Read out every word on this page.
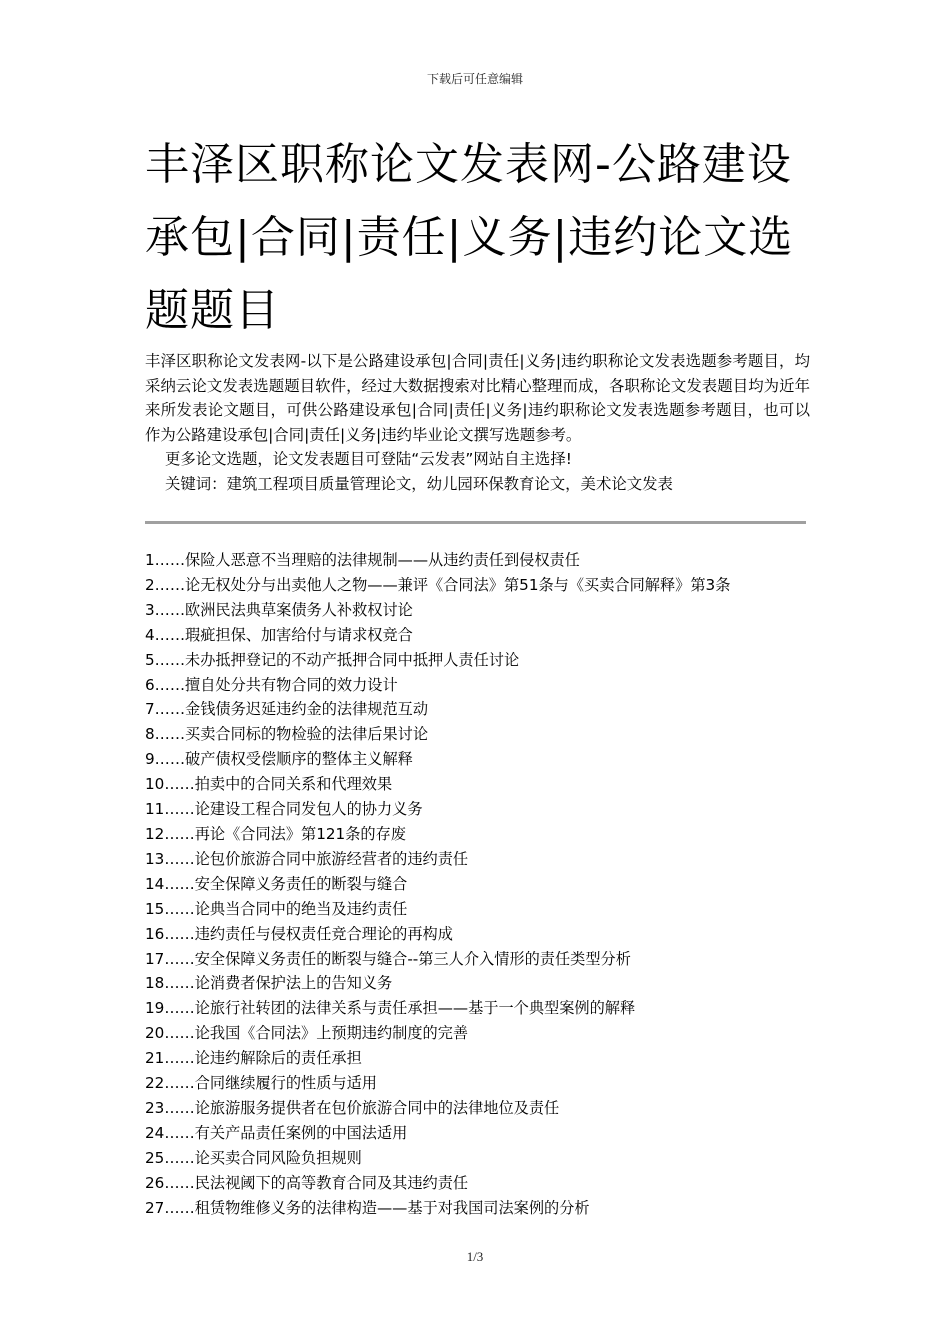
下载后可任意编辑
丰泽区职称论文发表网-公路建设承包|合同|责任|义务|违约论文选题题目

丰泽区职称论文发表网-以下是公路建设承包|合同|责任|义务|违约职称论文发表选题参考题目，均采纳云论文发表选题题目软件，经过大数据搜索对比精心整理而成，各职称论文发表题目均为近年来所发表论文题目，可供公路建设承包|合同|责任|义务|违约职称论文发表选题参考题目，也可以作为公路建设承包|合同|责任|义务|违约毕业论文撰写选题参考。

更多论文选题，论文发表题目可登陆“云发表”网站自主选择!

关键词：建筑工程项目质量管理论文，幼儿园环保教育论文，美术论文发表

1……保险人恶意不当理赔的法律规制——从违约责任到侵权责任
2……论无权处分与出卖他人之物——兼评《合同法》第51条与《买卖合同解释》第3条
3……欧洲民法典草案债务人补救权讨论
4……瑕疵担保、加害给付与请求权竞合
5……未办抵押登记的不动产抵押合同中抵押人责任讨论
6……擅自处分共有物合同的效力设计
7……金钱债务迟延违约金的法律规范互动
8……买卖合同标的物检验的法律后果讨论
9……破产债权受偿顺序的整体主义解释
10……拍卖中的合同关系和代理效果
11……论建设工程合同发包人的协力义务
12……再论《合同法》第121条的存废
13……论包价旅游合同中旅游经营者的违约责任
14……安全保障义务责任的断裂与缝合
15……论典当合同中的绝当及违约责任
16……违约责任与侵权责任竞合理论的再构成
17……安全保障义务责任的断裂与缝合--第三人介入情形的责任类型分析
18……论消费者保护法上的告知义务
19……论旅行社转团的法律关系与责任承担——基于一个典型案例的解释
20……论我国《合同法》上预期违约制度的完善
21……论违约解除后的责任承担
22……合同继续履行的性质与适用
23……论旅游服务提供者在包价旅游合同中的法律地位及责任
24……有关产品责任案例的中国法适用
25……论买卖合同风险负担规则
26……民法视阈下的高等教育合同及其违约责任
27……租赁物维修义务的法律构造——基于对我国司法案例的分析
1/3
